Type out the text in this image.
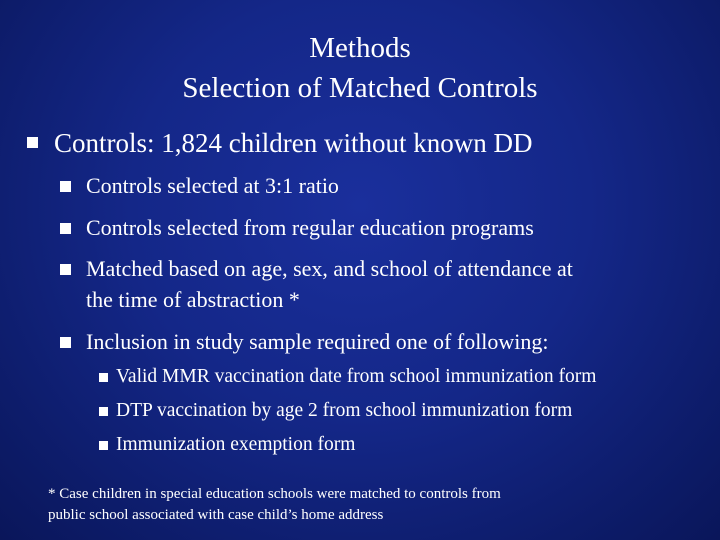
Methods
Selection of Matched Controls
Controls: 1,824 children without known DD
Controls selected at 3:1 ratio
Controls selected from regular education programs
Matched based on age, sex, and school of attendance at
the time of abstraction *
Inclusion in study sample required one of following:
Valid MMR vaccination date from school immunization form
DTP vaccination by age 2 from school immunization form
Immunization exemption form
* Case children in special education schools were matched to controls from
public school associated with case child’s home address
